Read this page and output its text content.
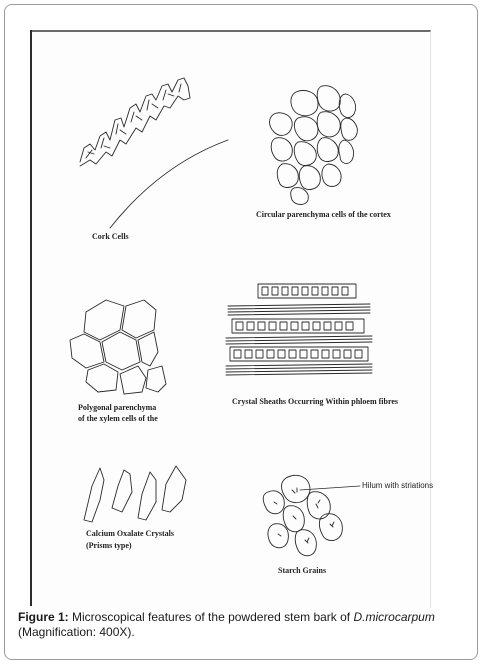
Cork Cells
Circular parenchyma cells of the cortex
Polygonal parenchyma
of the xylem cells of the
Crystal Sheaths Occurring Within phloem fibres
Calcium Oxalate Crystals
(Prisms type)
Hilum with striations
Starch Grains
Figure 1: Microscopical features of the powdered stem bark of D.microcarpum
(Magnification: 400X).
